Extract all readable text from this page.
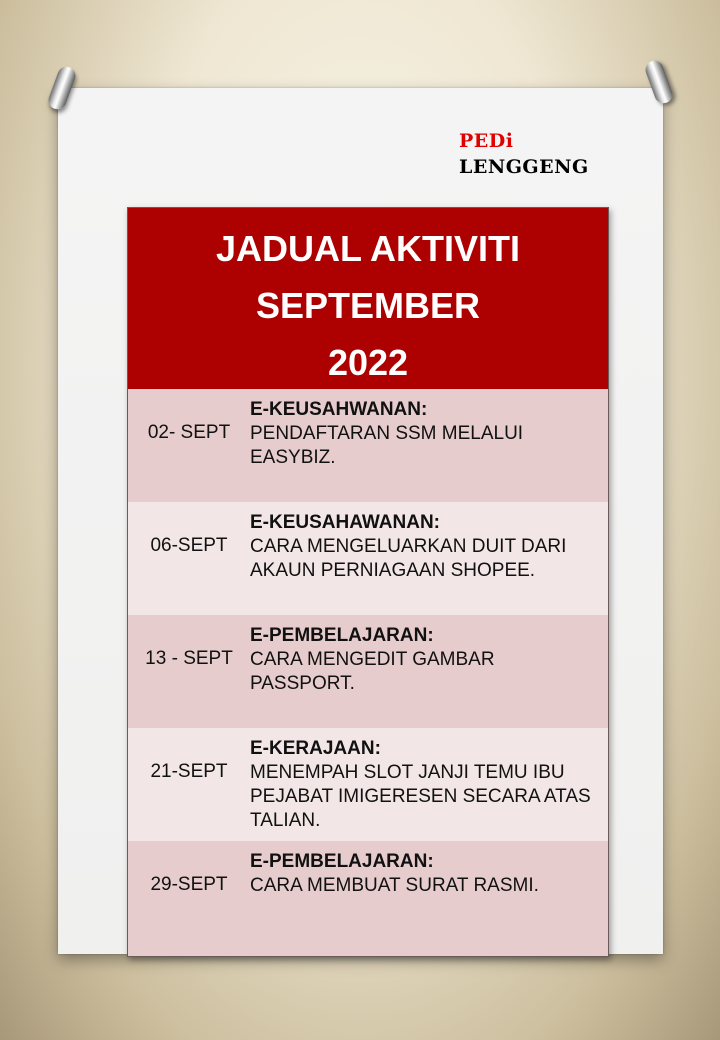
PEDi
LENGGENG
JADUAL AKTIVITI
SEPTEMBER
2022
02- SEPT
E-KEUSAHWANAN:
PENDAFTARAN SSM MELALUI EASYBIZ.
06-SEPT
E-KEUSAHAWANAN:
CARA MENGELUARKAN DUIT DARI AKAUN PERNIAGAAN SHOPEE.
13 - SEPT
E-PEMBELAJARAN:
CARA MENGEDIT GAMBAR PASSPORT.
21-SEPT
E-KERAJAAN:
MENEMPAH SLOT JANJI TEMU IBU PEJABAT IMIGERESEN SECARA ATAS TALIAN.
29-SEPT
E-PEMBELAJARAN:
CARA MEMBUAT SURAT RASMI.
